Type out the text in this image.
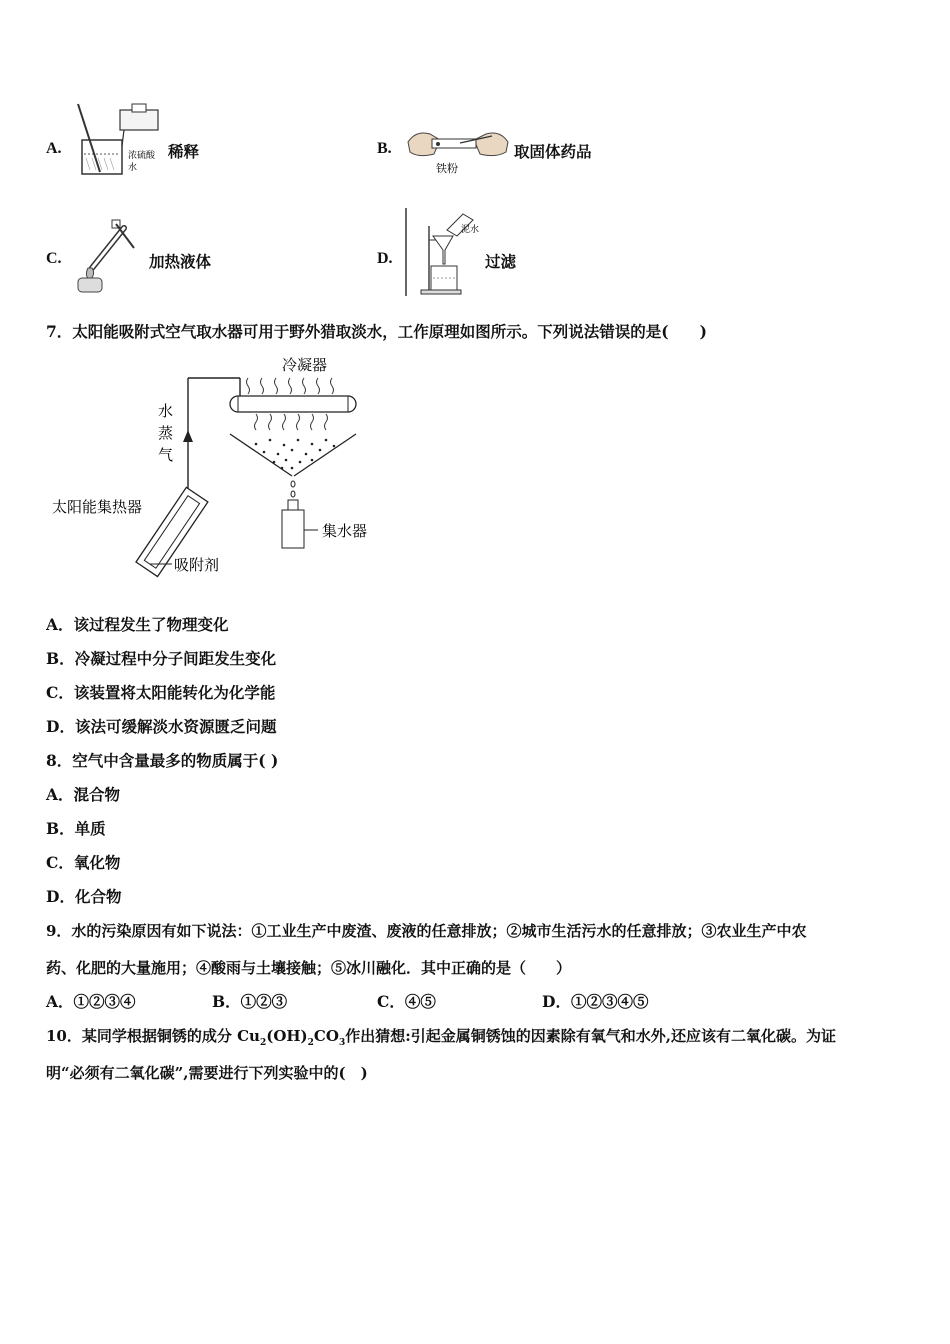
A.	浓硫酸
水
稀释	B.
铁粉
取固体药品
C.	加热液体	D.
泥水
过滤
7．太阳能吸附式空气取水器可用于野外猎取淡水，工作原理如图所示。下列说法错误的是(　　)
冷凝器
水
蒸
气
集水器
太阳能集热器
吸附剂
A．该过程发生了物理变化
B．冷凝过程中分子间距发生变化
C．该装置将太阳能转化为化学能
D．该法可缓解淡水资源匮乏问题
8．空气中含量最多的物质属于( )
A．混合物
B．单质
C．氧化物
D．化合物
9．水的污染原因有如下说法：①工业生产中废渣、废液的任意排放；②城市生活污水的任意排放；③农业生产中农
药、化肥的大量施用；④酸雨与土壤接触；⑤冰川融化．其中正确的是（　　）
A．①②③④	B．①②③	C．④⑤	D．①②③④⑤
10．某同学根据铜锈的成分 $Cu_2(OH)_2CO_3$作出猜想:引起金属铜锈蚀的因素除有氧气和水外,还应该有二氧化碳。为证
明“必须有二氧化碳”,需要进行下列实验中的(　)
